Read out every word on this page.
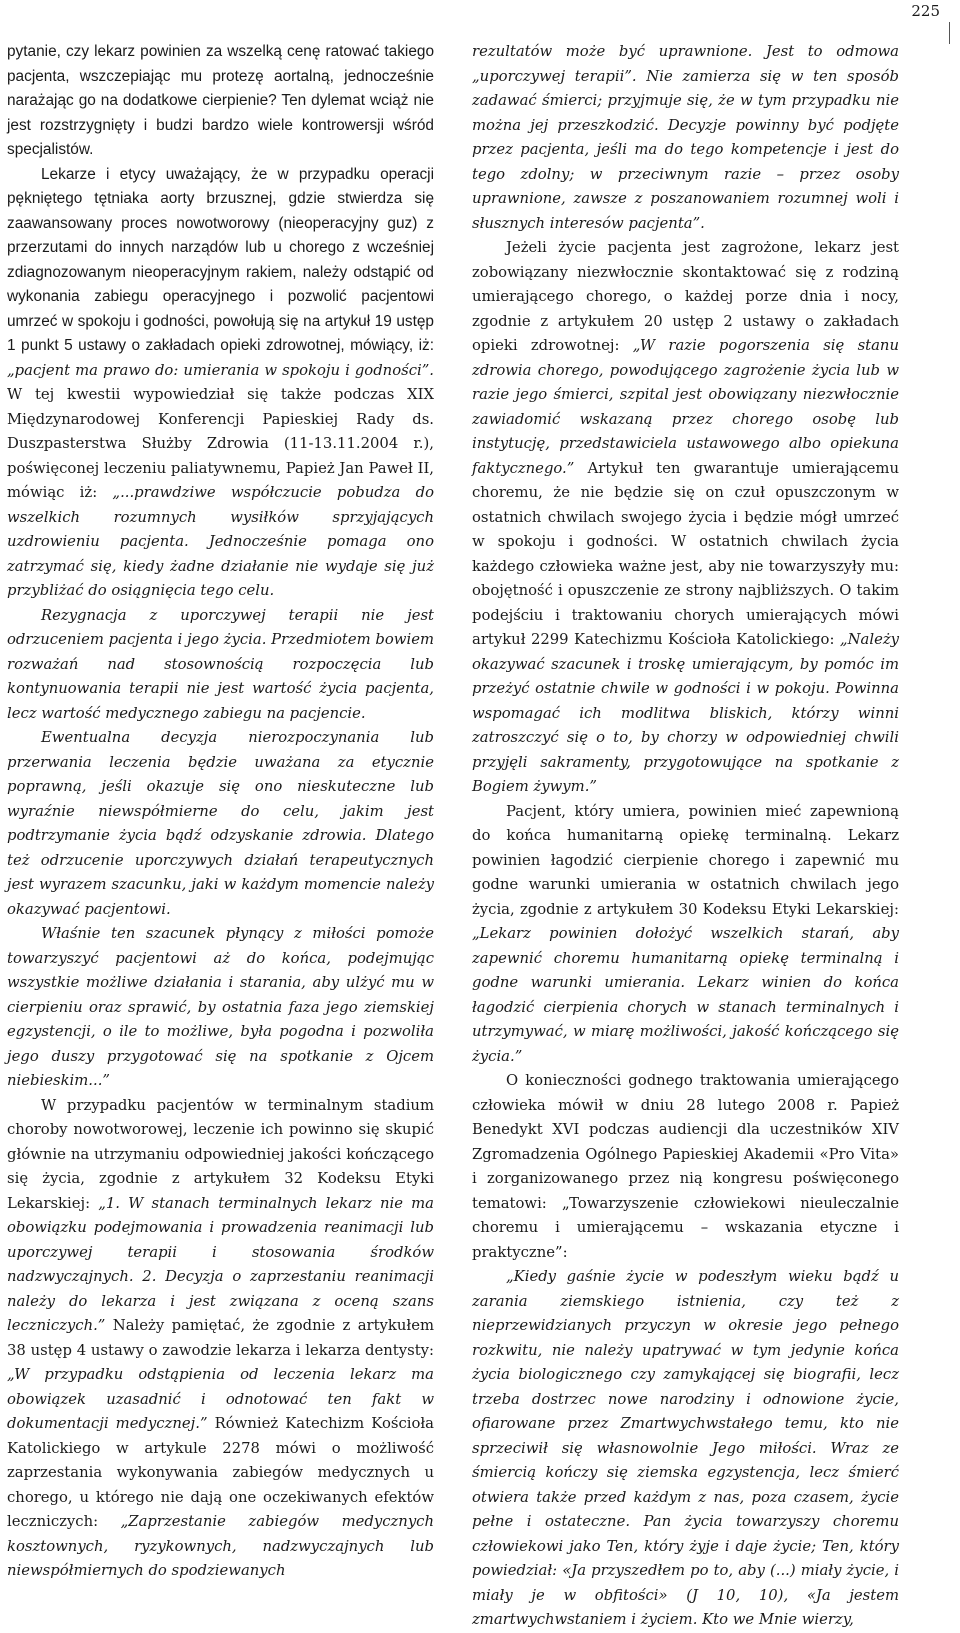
225

pytanie, czy lekarz powinien za wszelką cenę ratować takiego pacjenta, wszczepiając mu protezę aortalną, jednocześnie narażając go na dodatkowe cierpienie? Ten dylemat wciąż nie jest rozstrzygnięty i budzi bardzo wiele kontrowersji wśród specjalistów.

Lekarze i etycy uważający, że w przypadku operacji pękniętego tętniaka aorty brzusznej, gdzie stwierdza się zaawansowany proces nowotworowy (nieoperacyjny guz) z przerzutami do innych narządów lub u chorego z wcześniej zdiagnozowanym nieoperacyjnym rakiem, należy odstąpić od wykonania zabiegu operacyjnego i pozwolić pacjentowi umrzeć w spokoju i godności, powołują się na artykuł 19 ustęp 1 punkt 5 ustawy o zakładach opieki zdrowotnej, mówiący, iż: „pacjent ma prawo do: umierania w spokoju i godności”. W tej kwestii wypowiedział się także podczas XIX Międzynarodowej Konferencji Papieskiej Rady ds. Duszpasterstwa Służby Zdrowia (11-13.11.2004 r.), poświęconej leczeniu paliatywnemu, Papież Jan Paweł II, mówiąc iż: „...prawdziwe współczucie pobudza do wszelkich rozumnych wysiłków sprzyjających uzdrowieniu pacjenta. Jednocześnie pomaga ono zatrzymać się, kiedy żadne działanie nie wydaje się już przybliżać do osiągnięcia tego celu.

Rezygnacja z uporczywej terapii nie jest odrzuceniem pacjenta i jego życia. Przedmiotem bowiem rozważań nad stosownością rozpoczęcia lub kontynuowania terapii nie jest wartość życia pacjenta, lecz wartość medycznego zabiegu na pacjencie.

Ewentualna decyzja nierozpoczynania lub przerwania leczenia będzie uważana za etycznie poprawną, jeśli okazuje się ono nieskuteczne lub wyraźnie niewspółmierne do celu, jakim jest podtrzymanie życia bądź odzyskanie zdrowia. Dlatego też odrzucenie uporczywych działań terapeutycznych jest wyrazem szacunku, jaki w każdym momencie należy okazywać pacjentowi.

Właśnie ten szacunek płynący z miłości pomoże towarzyszyć pacjentowi aż do końca, podejmując wszystkie możliwe działania i starania, aby ulżyć mu w cierpieniu oraz sprawić, by ostatnia faza jego ziemskiej egzystencji, o ile to możliwe, była pogodna i pozwoliła jego duszy przygotować się na spotkanie z Ojcem niebieskim...”

W przypadku pacjentów w terminalnym stadium choroby nowotworowej, leczenie ich powinno się skupić głównie na utrzymaniu odpowiedniej jakości kończącego się życia, zgodnie z artykułem 32 Kodeksu Etyki Lekarskiej: „1. W stanach terminalnych lekarz nie ma obowiązku podejmowania i prowadzenia reanimacji lub uporczywej terapii i stosowania środków nadzwyczajnych. 2. Decyzja o zaprzestaniu reanimacji należy do lekarza i jest związana z oceną szans leczniczych.” Należy pamiętać, że zgodnie z artykułem 38 ustęp 4 ustawy o zawodzie lekarza i lekarza dentysty: „W przypadku odstąpienia od leczenia lekarz ma obowiązek uzasadnić i odnotować ten fakt w dokumentacji medycznej.” Również Katechizm Kościoła Katolickiego w artykule 2278 mówi o możliwość zaprzestania wykonywania zabiegów medycznych u chorego, u którego nie dają one oczekiwanych efektów leczniczych: „Zaprzestanie zabiegów medycznych kosztownych, ryzykownych, nadzwyczajnych lub niewspółmiernych do spodziewanych

rezultatów może być uprawnione. Jest to odmowa „uporczywej terapii”. Nie zamierza się w ten sposób zadawać śmierci; przyjmuje się, że w tym przypadku nie można jej przeszkodzić. Decyzje powinny być podjęte przez pacjenta, jeśli ma do tego kompetencje i jest do tego zdolny; w przeciwnym razie – przez osoby uprawnione, zawsze z poszanowaniem rozumnej woli i słusznych interesów pacjenta”.

Jeżeli życie pacjenta jest zagrożone, lekarz jest zobowiązany niezwłocznie skontaktować się z rodziną umierającego chorego, o każdej porze dnia i nocy, zgodnie z artykułem 20 ustęp 2 ustawy o zakładach opieki zdrowotnej: „W razie pogorszenia się stanu zdrowia chorego, powodującego zagrożenie życia lub w razie jego śmierci, szpital jest obowiązany niezwłocznie zawiadomić wskazaną przez chorego osobę lub instytucję, przedstawiciela ustawowego albo opiekuna faktycznego.” Artykuł ten gwarantuje umierającemu choremu, że nie będzie się on czuł opuszczonym w ostatnich chwilach swojego życia i będzie mógł umrzeć w spokoju i godności. W ostatnich chwilach życia każdego człowieka ważne jest, aby nie towarzyszyły mu: obojętność i opuszczenie ze strony najbliższych. O takim podejściu i traktowaniu chorych umierających mówi artykuł 2299 Katechizmu Kościoła Katolickiego: „Należy okazywać szacunek i troskę umierającym, by pomóc im przeżyć ostatnie chwile w godności i w pokoju. Powinna wspomagać ich modlitwa bliskich, którzy winni zatroszczyć się o to, by chorzy w odpowiedniej chwili przyjęli sakramenty, przygotowujące na spotkanie z Bogiem żywym.”

Pacjent, który umiera, powinien mieć zapewnioną do końca humanitarną opiekę terminalną. Lekarz powinien łagodzić cierpienie chorego i zapewnić mu godne warunki umierania w ostatnich chwilach jego życia, zgodnie z artykułem 30 Kodeksu Etyki Lekarskiej: „Lekarz powinien dołożyć wszelkich starań, aby zapewnić choremu humanitarną opiekę terminalną i godne warunki umierania. Lekarz winien do końca łagodzić cierpienia chorych w stanach terminalnych i utrzymywać, w miarę możliwości, jakość kończącego się życia.”

O konieczności godnego traktowania umierającego człowieka mówił w dniu 28 lutego 2008 r. Papież Benedykt XVI podczas audiencji dla uczestników XIV Zgromadzenia Ogólnego Papieskiej Akademii «Pro Vita» i zorganizowanego przez nią kongresu poświęconego tematowi: „Towarzyszenie człowiekowi nieuleczalnie choremu i umierającemu – wskazania etyczne i praktyczne”:

„Kiedy gaśnie życie w podeszłym wieku bądź u zarania ziemskiego istnienia, czy też z nieprzewidzianych przyczyn w okresie jego pełnego rozkwitu, nie należy upatrywać w tym jedynie końca życia biologicznego czy zamykającej się biografii, lecz trzeba dostrzec nowe narodziny i odnowione życie, ofiarowane przez Zmartwychwstałego temu, kto nie sprzeciwił się własnowolnie Jego miłości. Wraz ze śmiercią kończy się ziemska egzystencja, lecz śmierć otwiera także przed każdym z nas, poza czasem, życie pełne i ostateczne. Pan życia towarzyszy choremu człowiekowi jako Ten, który żyje i daje życie; Ten, który powiedział: «Ja przyszedłem po to, aby (...) miały życie, i miały je w obfitości» (J 10, 10), «Ja jestem zmartwychwstaniem i życiem. Kto we Mnie wierzy,
